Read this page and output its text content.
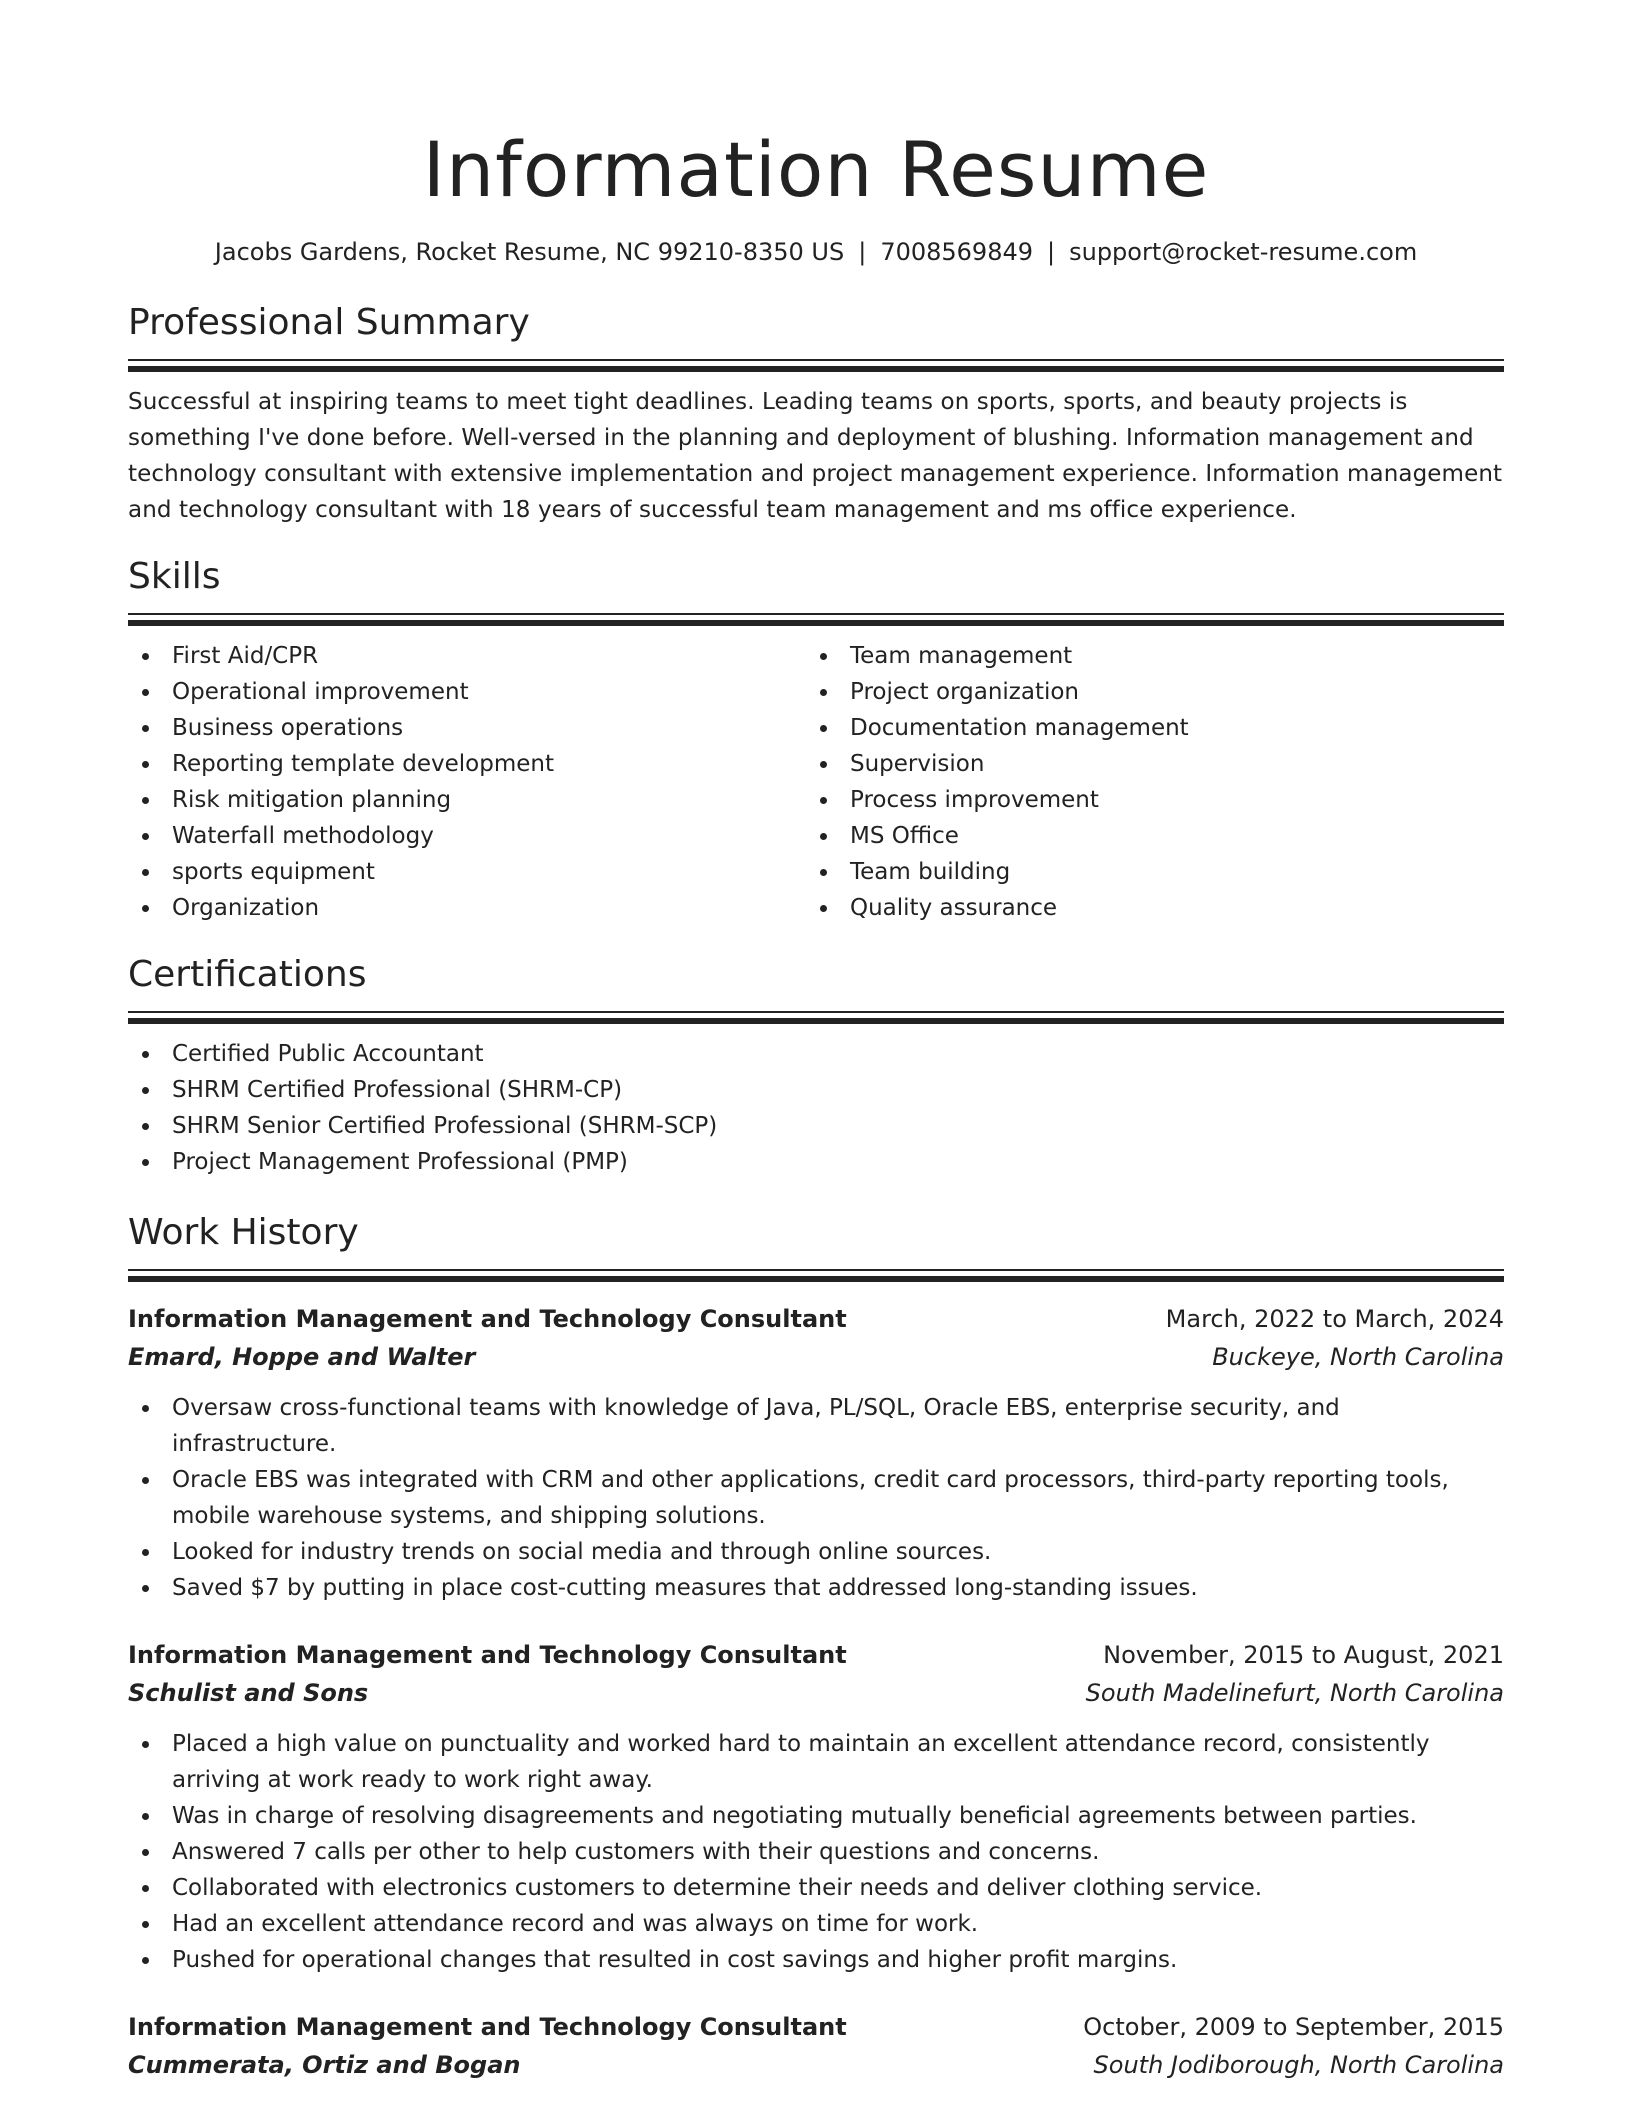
Information Resume
Jacobs Gardens, Rocket Resume, NC 99210-8350 US | 7008569849 | support@rocket-resume.com
Professional Summary

Successful at inspiring teams to meet tight deadlines. Leading teams on sports, sports, and beauty projects is something I've done before. Well-versed in the planning and deployment of blushing. Information management and technology consultant with extensive implementation and project management experience. Information management and technology consultant with 18 years of successful team management and ms office experience.

Skills
First Aid/CPR
Operational improvement
Business operations
Reporting template development
Risk mitigation planning
Waterfall methodology
sports equipment
Organization
Team management
Project organization
Documentation management
Supervision
Process improvement
MS Office
Team building
Quality assurance
Certifications
Certified Public Accountant
SHRM Certified Professional (SHRM-CP)
SHRM Senior Certified Professional (SHRM-SCP)
Project Management Professional (PMP)
Work History
Information Management and Technology Consultant	March, 2022 to March, 2024
Emard, Hoppe and Walter	Buckeye, North Carolina
Oversaw cross-functional teams with knowledge of Java, PL/SQL, Oracle EBS, enterprise security, and infrastructure.
Oracle EBS was integrated with CRM and other applications, credit card processors, third-party reporting tools, mobile warehouse systems, and shipping solutions.
Looked for industry trends on social media and through online sources.
Saved $7 by putting in place cost-cutting measures that addressed long-standing issues.
Information Management and Technology Consultant	November, 2015 to August, 2021
Schulist and Sons	South Madelinefurt, North Carolina
Placed a high value on punctuality and worked hard to maintain an excellent attendance record, consistently arriving at work ready to work right away.
Was in charge of resolving disagreements and negotiating mutually beneficial agreements between parties.
Answered 7 calls per other to help customers with their questions and concerns.
Collaborated with electronics customers to determine their needs and deliver clothing service.
Had an excellent attendance record and was always on time for work.
Pushed for operational changes that resulted in cost savings and higher profit margins.
Information Management and Technology Consultant	October, 2009 to September, 2015
Cummerata, Ortiz and Bogan	South Jodiborough, North Carolina
